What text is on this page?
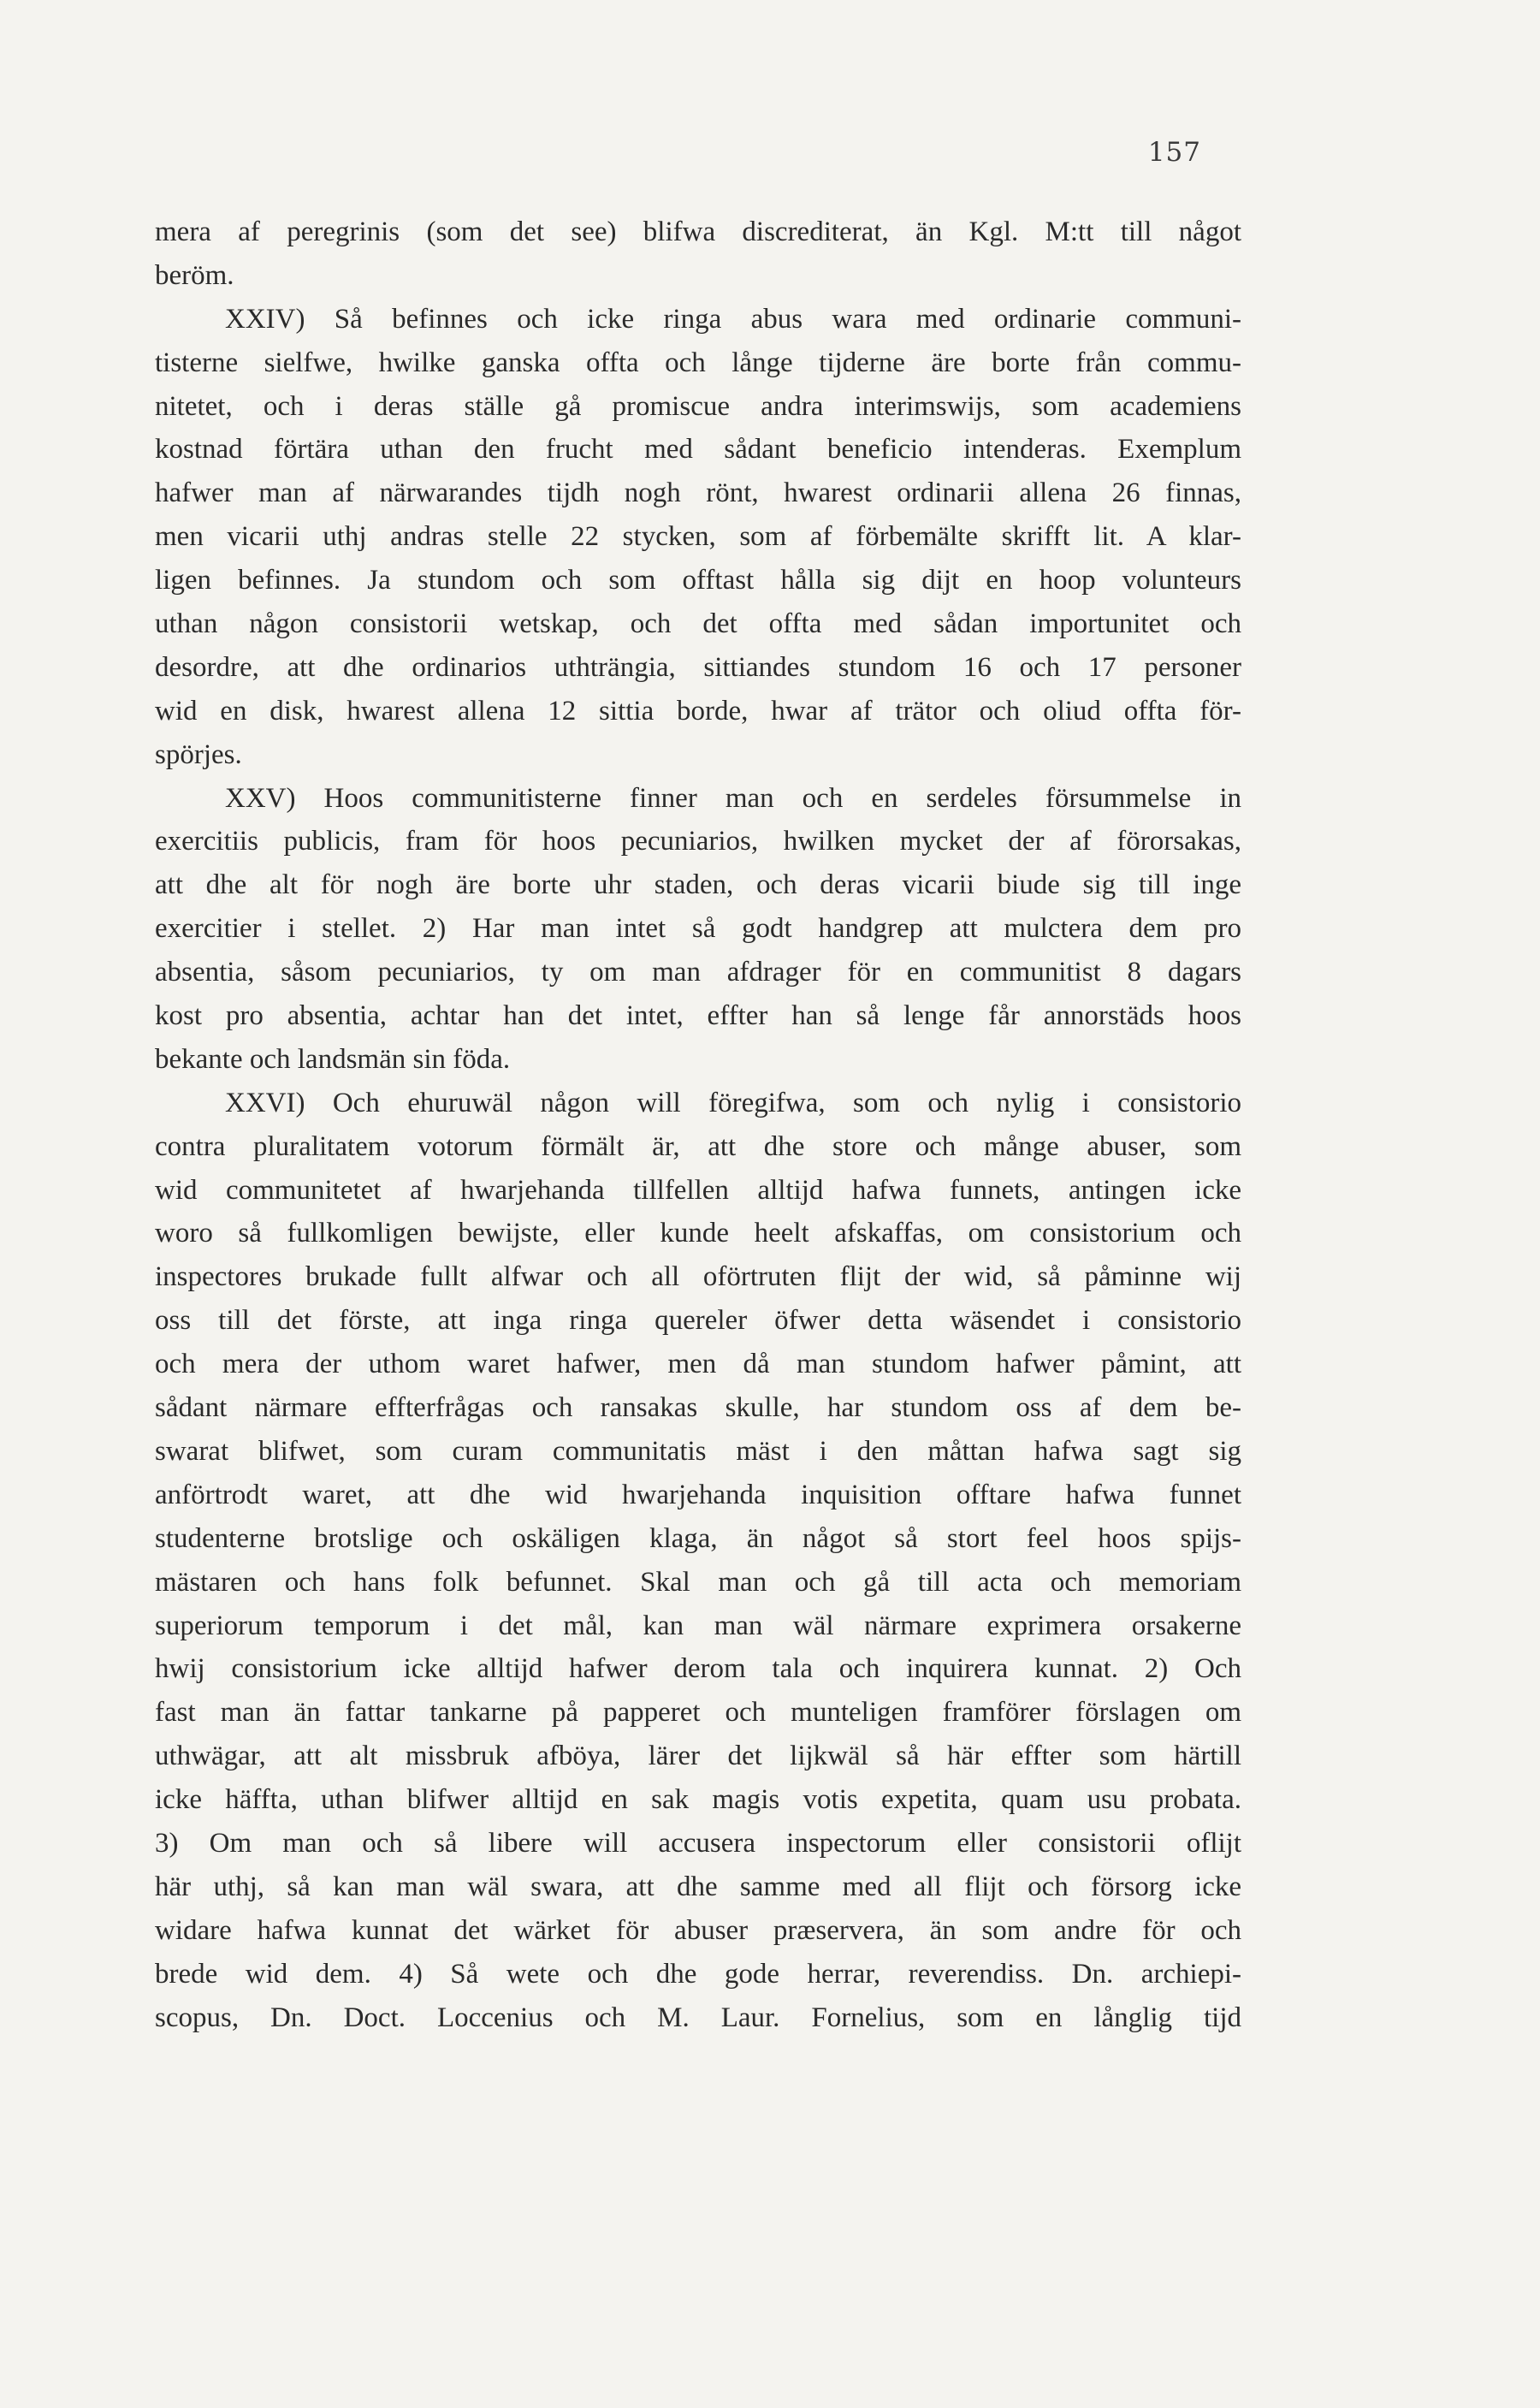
157
mera af peregrinis (som det see) blifwa discrediterat, än Kgl. M:tt till något
beröm.
XXIV) Så befinnes och icke ringa abus wara med ordinarie communi-
tisterne sielfwe, hwilke ganska offta och långe tijderne äre borte från commu-
nitetet, och i deras ställe gå promiscue andra interimswijs, som academiens
kostnad förtära uthan den frucht med sådant beneficio intenderas. Exemplum
hafwer man af närwarandes tijdh nogh rönt, hwarest ordinarii allena 26 finnas,
men vicarii uthj andras stelle 22 stycken, som af förbemälte skrifft lit. A klar-
ligen befinnes. Ja stundom och som offtast hålla sig dijt en hoop volunteurs
uthan någon consistorii wetskap, och det offta med sådan importunitet och
desordre, att dhe ordinarios uthträngia, sittiandes stundom 16 och 17 personer
wid en disk, hwarest allena 12 sittia borde, hwar af trätor och oliud offta för-
spörjes.
XXV) Hoos communitisterne finner man och en serdeles försummelse in
exercitiis publicis, fram för hoos pecuniarios, hwilken mycket der af förorsakas,
att dhe alt för nogh äre borte uhr staden, och deras vicarii biude sig till inge
exercitier i stellet. 2) Har man intet så godt handgrep att mulctera dem pro
absentia, såsom pecuniarios, ty om man afdrager för en communitist 8 dagars
kost pro absentia, achtar han det intet, effter han så lenge får annorstäds hoos
bekante och landsmän sin föda.
XXVI) Och ehuruwäl någon will föregifwa, som och nylig i consistorio
contra pluralitatem votorum förmält är, att dhe store och månge abuser, som
wid communitetet af hwarjehanda tillfellen alltijd hafwa funnets, antingen icke
woro så fullkomligen bewijste, eller kunde heelt afskaffas, om consistorium och
inspectores brukade fullt alfwar och all oförtruten flijt der wid, så påminne wij
oss till det förste, att inga ringa quereler öfwer detta wäsendet i consistorio
och mera der uthom waret hafwer, men då man stundom hafwer påmint, att
sådant närmare effterfrågas och ransakas skulle, har stundom oss af dem be-
swarat blifwet, som curam communitatis mäst i den måttan hafwa sagt sig
anförtrodt waret, att dhe wid hwarjehanda inquisition offtare hafwa funnet
studenterne brotslige och oskäligen klaga, än något så stort feel hoos spijs-
mästaren och hans folk befunnet. Skal man och gå till acta och memoriam
superiorum temporum i det mål, kan man wäl närmare exprimera orsakerne
hwij consistorium icke alltijd hafwer derom tala och inquirera kunnat. 2) Och
fast man än fattar tankarne på papperet och munteligen framförer förslagen om
uthwägar, att alt missbruk afböya, lärer det lijkwäl så här effter som härtill
icke häffta, uthan blifwer alltijd en sak magis votis expetita, quam usu probata.
3) Om man och så libere will accusera inspectorum eller consistorii oflijt
här uthj, så kan man wäl swara, att dhe samme med all flijt och försorg icke
widare hafwa kunnat det wärket för abuser præservera, än som andre för och
brede wid dem. 4) Så wete och dhe gode herrar, reverendiss. Dn. archiepi-
scopus, Dn. Doct. Loccenius och M. Laur. Fornelius, som en långlig tijd
